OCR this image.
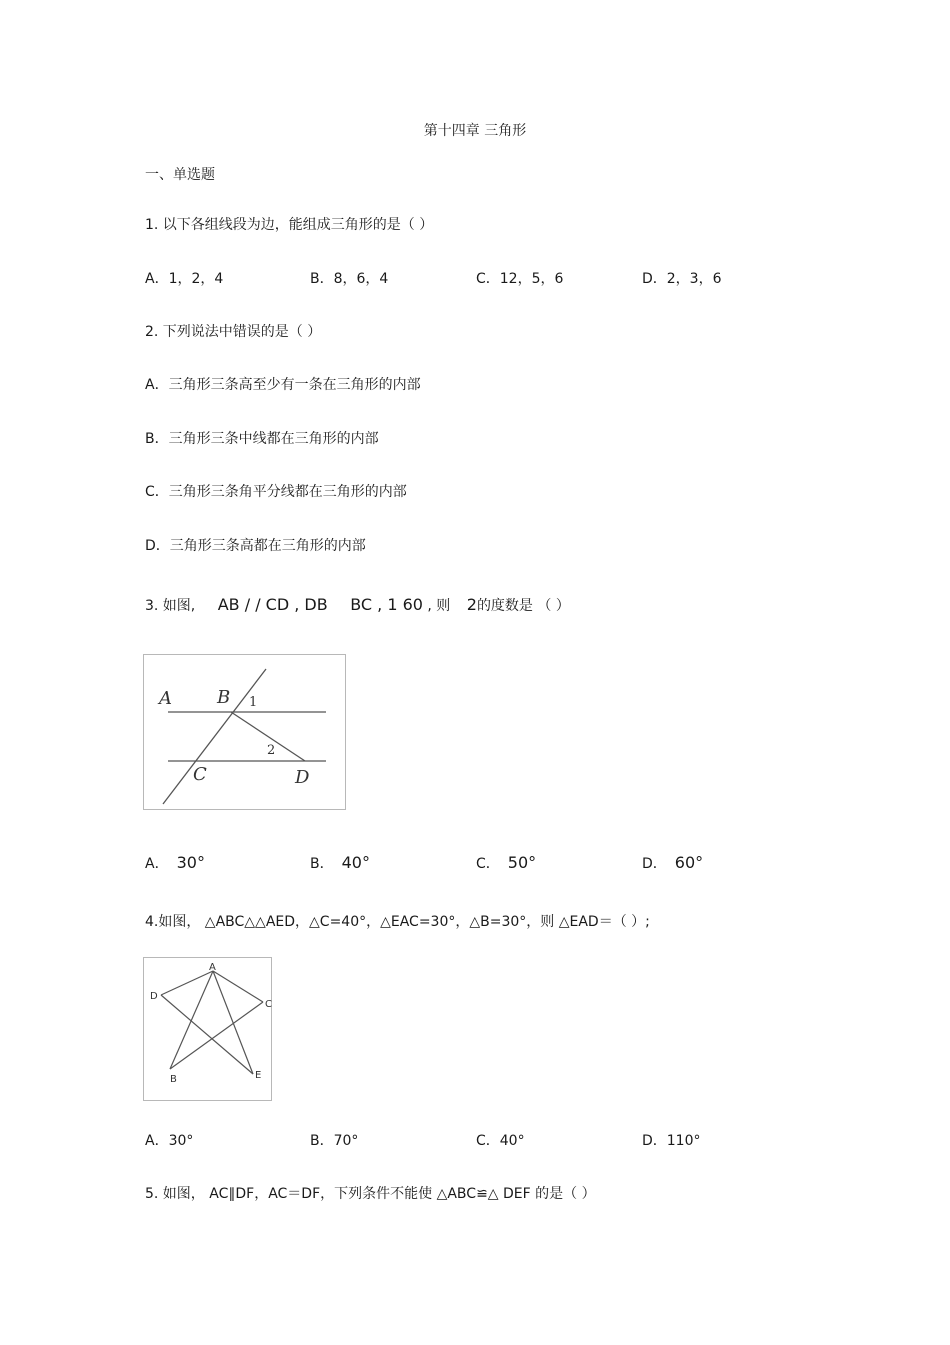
第十四章 三角形
一、单选题
1. 以下各组线段为边，能组成三角形的是（ ）
A．1，2，4	B．8，6，4	C．12，5，6	D．2，3，6
2. 下列说法中错误的是（ ）
A．三角形三条高至少有一条在三角形的内部
B．三角形三条中线都在三角形的内部
C．三角形三条角平分线都在三角形的内部
D．三角形三条高都在三角形的内部
3. 如图, AB / / CD , DB BC , 1 60 , 则 2的度数是 （ ）
A	B 1
2
C	D
A． 30°	B． 40°	C． 50°	D． 60°
4.如图， △ABC△△AED，△C=40°，△EAC=30°，△B=30°，则 △EAD＝（ ）;
A
D
C
B	E
A．30°	B．70°	C．40°	D．110°
5. 如图， AC∥DF，AC＝DF，下列条件不能使 △ABC≌△ DEF 的是（ ）
